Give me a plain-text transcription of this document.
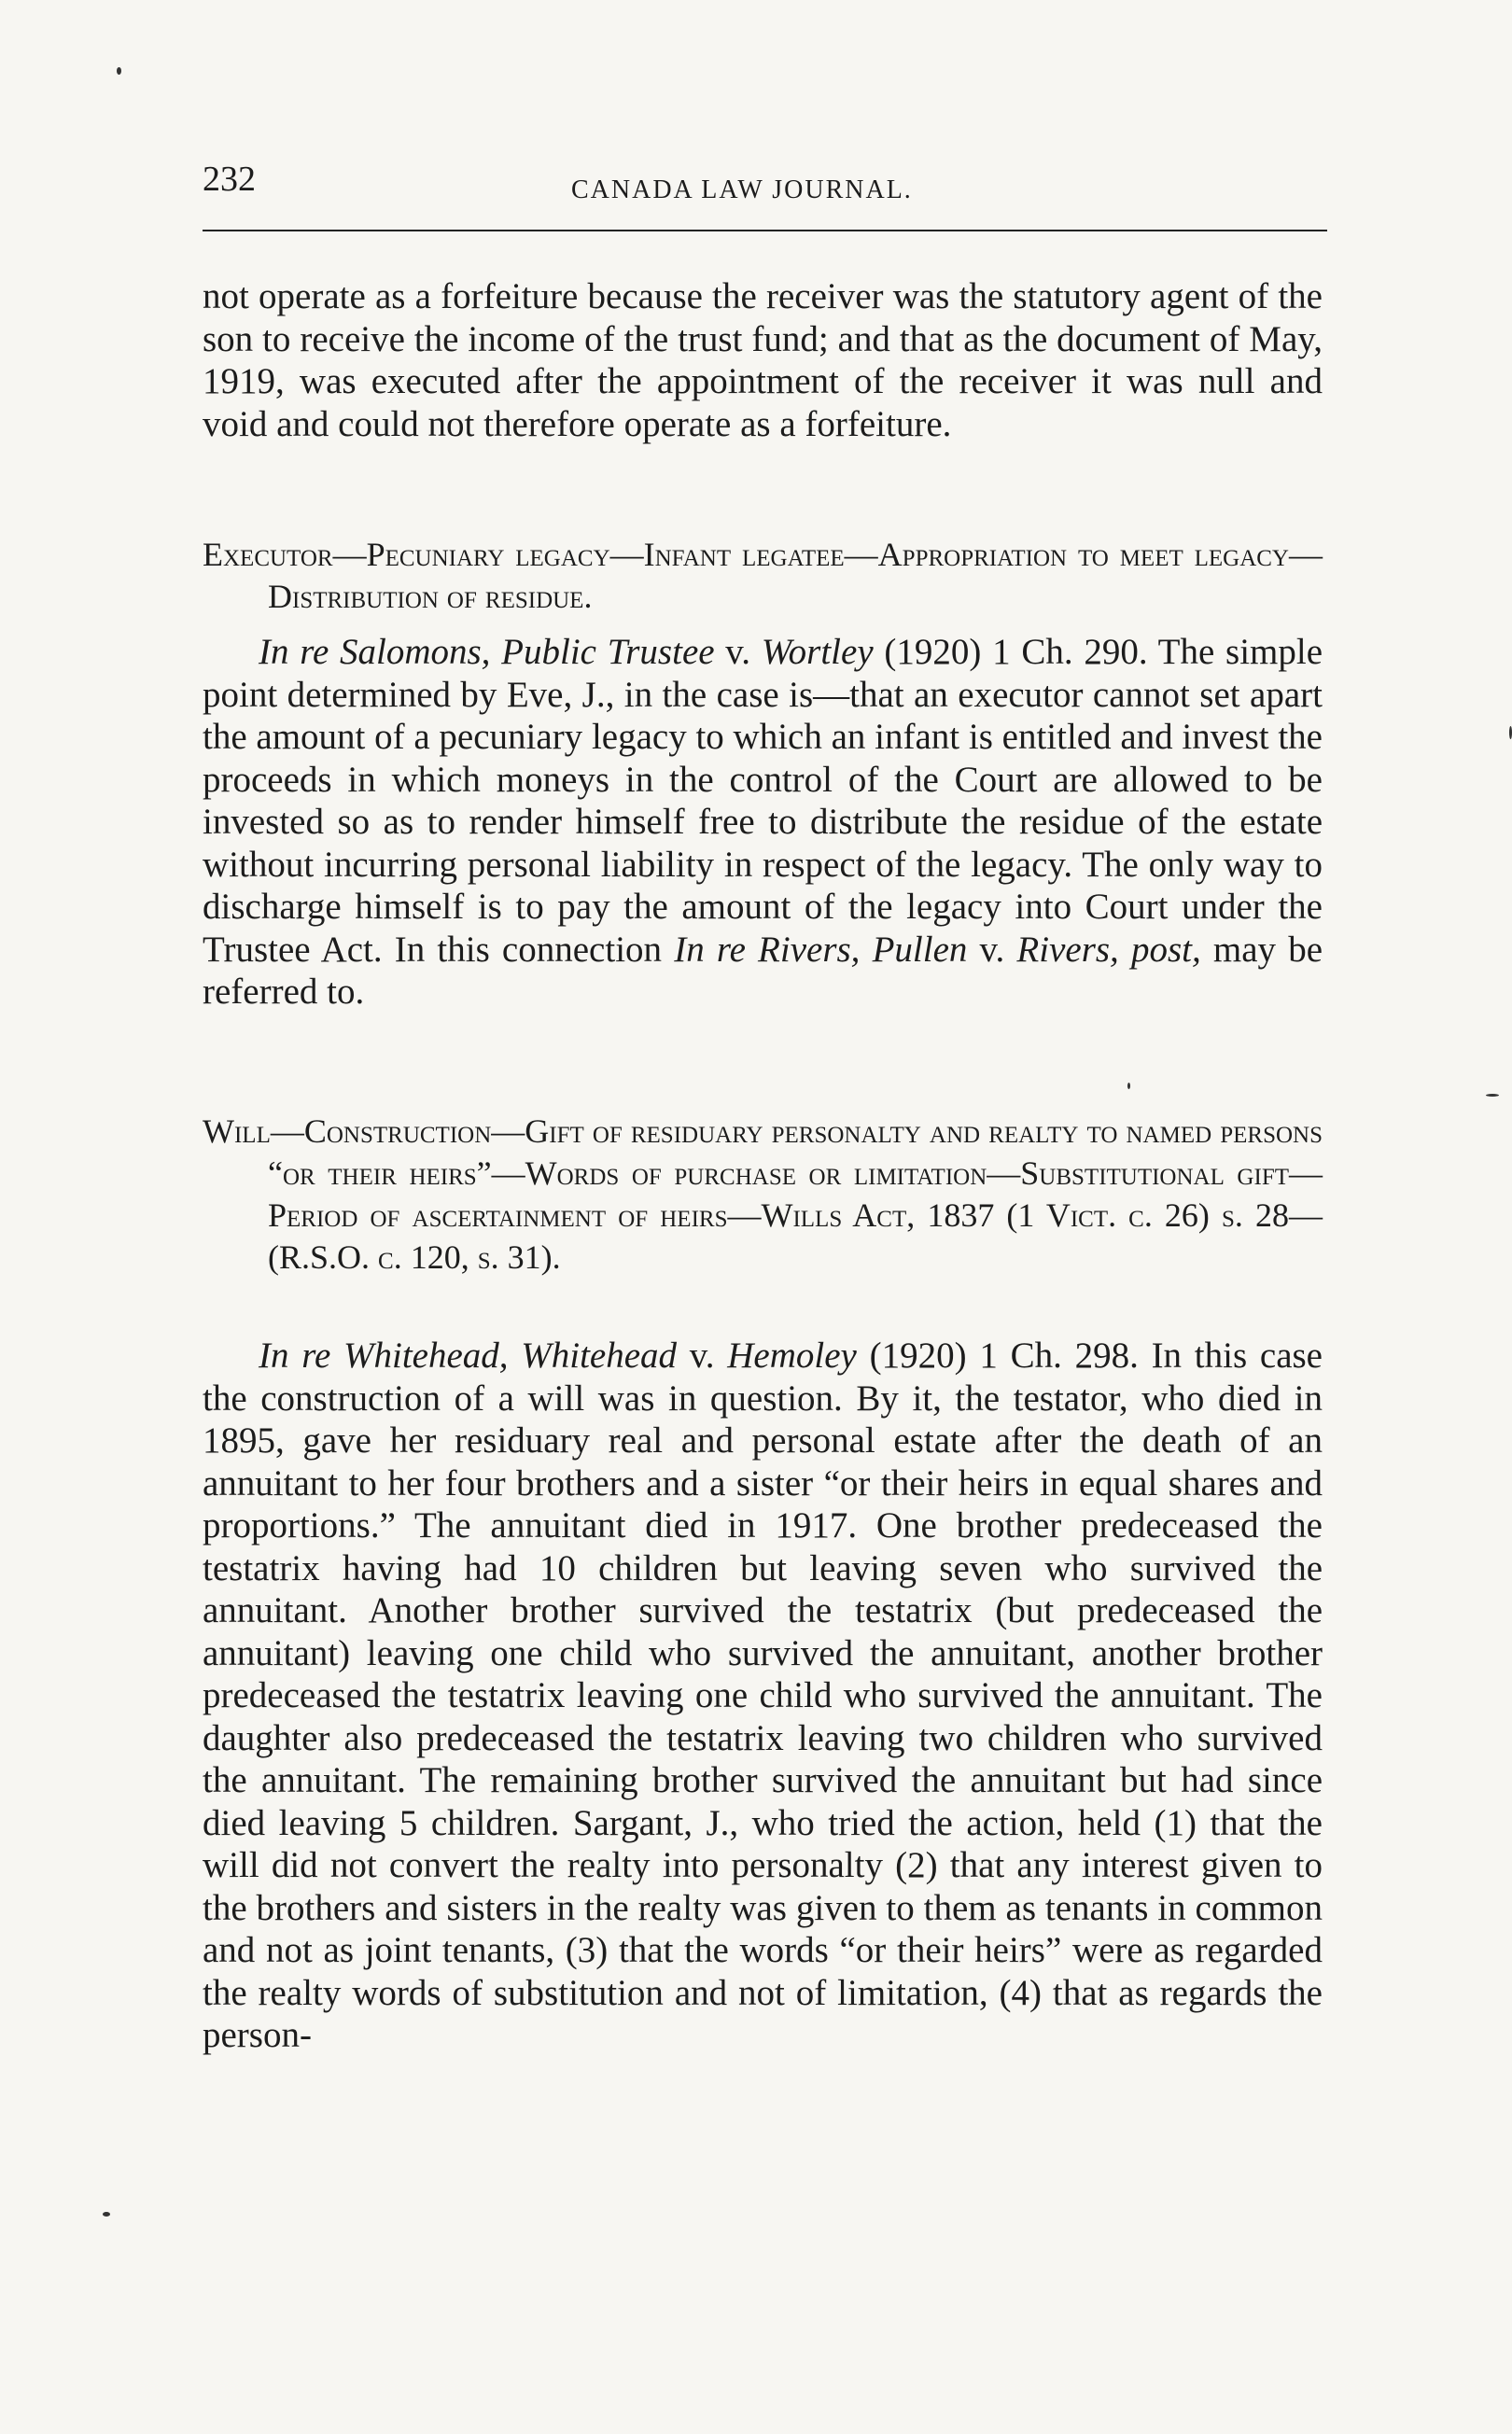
232	CANADA LAW JOURNAL.

not operate as a forfeiture because the receiver was the statutory agent of the son to receive the income of the trust fund; and that as the document of May, 1919, was executed after the appointment of the receiver it was null and void and could not therefore operate as a forfeiture.

Executor—Pecuniary legacy—Infant legatee—Appropriation to meet legacy—Distribution of residue.

In re Salomons, Public Trustee v. Wortley (1920) 1 Ch. 290. The simple point determined by Eve, J., in the case is—that an executor cannot set apart the amount of a pecuniary legacy to which an infant is entitled and invest the proceeds in which moneys in the control of the Court are allowed to be invested so as to render himself free to distribute the residue of the estate without incurring personal liability in respect of the legacy. The only way to discharge himself is to pay the amount of the legacy into Court under the Trustee Act. In this connection In re Rivers, Pullen v. Rivers, post, may be referred to.

Will—Construction—Gift of residuary personalty and realty to named persons “or their heirs”—Words of purchase or limitation—Substitutional gift—Period of ascertainment of heirs—Wills Act, 1837 (1 Vict. c. 26) s. 28—(R.S.O. c. 120, s. 31).

In re Whitehead, Whitehead v. Hemoley (1920) 1 Ch. 298. In this case the construction of a will was in question. By it, the testator, who died in 1895, gave her residuary real and personal estate after the death of an annuitant to her four brothers and a sister “or their heirs in equal shares and proportions.” The annuitant died in 1917. One brother predeceased the testatrix having had 10 children but leaving seven who survived the annuitant. Another brother survived the testatrix (but predeceased the annuitant) leaving one child who survived the annuitant, another brother predeceased the testatrix leaving one child who survived the annuitant. The daughter also predeceased the testatrix leaving two children who survived the annuitant. The remaining brother survived the annuitant but had since died leaving 5 children. Sargant, J., who tried the action, held (1) that the will did not convert the realty into personalty (2) that any interest given to the brothers and sisters in the realty was given to them as tenants in common and not as joint tenants, (3) that the words “or their heirs” were as regarded the realty words of substitution and not of limitation, (4) that as regards the person-
